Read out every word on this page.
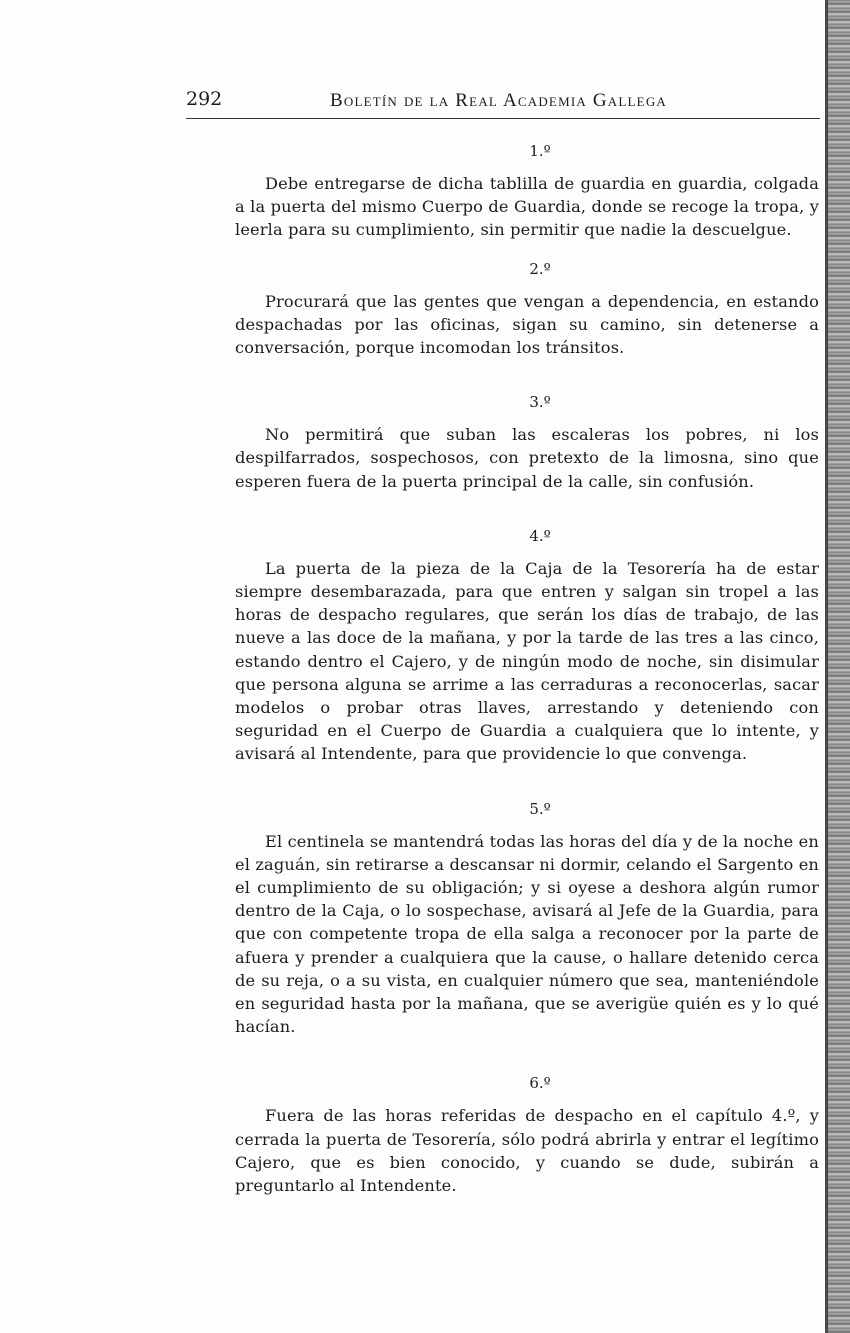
292	Boletín de la Real Academia Gallega
1.º

Debe entregarse de dicha tablilla de guardia en guardia, colgada a la puerta del mismo Cuerpo de Guardia, donde se recoge la tropa, y leerla para su cumplimiento, sin permitir que nadie la descuelgue.

2.º

Procurará que las gentes que vengan a dependencia, en estando despachadas por las oficinas, sigan su camino, sin detenerse a conversación, porque incomodan los tránsitos.

3.º

No permitirá que suban las escaleras los pobres, ni los despilfarrados, sospechosos, con pretexto de la limosna, sino que esperen fuera de la puerta principal de la calle, sin confusión.

4.º

La puerta de la pieza de la Caja de la Tesorería ha de estar siempre desembarazada, para que entren y salgan sin tropel a las horas de despacho regulares, que serán los días de trabajo, de las nueve a las doce de la mañana, y por la tarde de las tres a las cinco, estando dentro el Cajero, y de ningún modo de noche, sin disimular que persona alguna se arrime a las cerraduras a reconocerlas, sacar modelos o probar otras llaves, arrestando y deteniendo con seguridad en el Cuerpo de Guardia a cualquiera que lo intente, y avisará al Intendente, para que providencie lo que convenga.

5.º

El centinela se mantendrá todas las horas del día y de la noche en el zaguán, sin retirarse a descansar ni dormir, celando el Sargento en el cumplimiento de su obligación; y si oyese a deshora algún rumor dentro de la Caja, o lo sospechase, avisará al Jefe de la Guardia, para que con competente tropa de ella salga a reconocer por la parte de afuera y prender a cualquiera que la cause, o hallare detenido cerca de su reja, o a su vista, en cualquier número que sea, manteniéndole en seguridad hasta por la mañana, que se averigüe quién es y lo qué hacían.

6.º

Fuera de las horas referidas de despacho en el capítulo 4.º, y cerrada la puerta de Tesorería, sólo podrá abrirla y entrar el legítimo Cajero, que es bien conocido, y cuando se dude, subirán a preguntarlo al Intendente.
